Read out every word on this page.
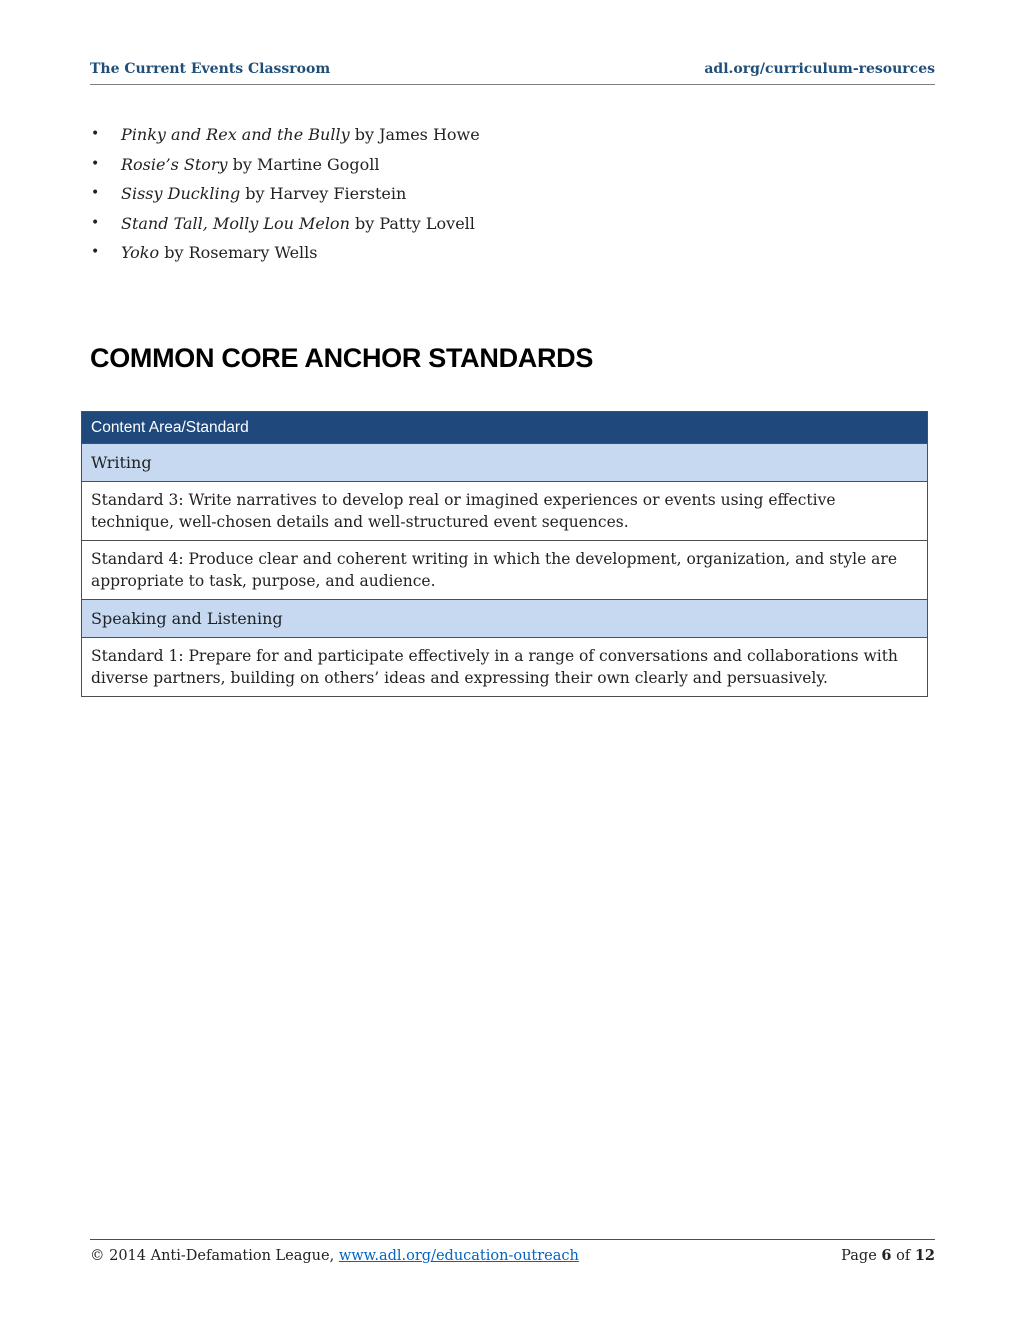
The Current Events Classroom	adl.org/curriculum-resources
• Pinky and Rex and the Bully by James Howe
• Rosie’s Story by Martine Gogoll
• Sissy Duckling by Harvey Fierstein
• Stand Tall, Molly Lou Melon by Patty Lovell
• Yoko by Rosemary Wells
COMMON CORE ANCHOR STANDARDS
Content Area/Standard
Writing
Standard 3: Write narratives to develop real or imagined experiences or events using effective technique, well-chosen details and well-structured event sequences.
Standard 4: Produce clear and coherent writing in which the development, organization, and style are appropriate to task, purpose, and audience.
Speaking and Listening
Standard 1: Prepare for and participate effectively in a range of conversations and collaborations with diverse partners, building on others’ ideas and expressing their own clearly and persuasively.
© 2014 Anti-Defamation League, www.adl.org/education-outreach	Page 6 of 12
